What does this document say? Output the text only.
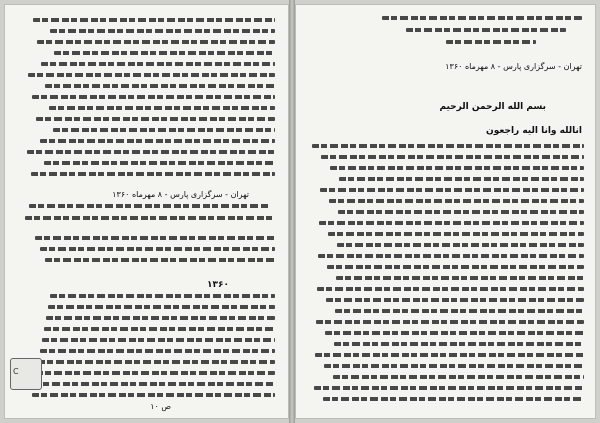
تهران - سرگزاری پارس - ۸ مهرماه ۱۳۶۰
۱۳۶۰
ص ۱۰
C
تهران - سرگزاری پارس - ۸ مهرماه ۱۳۶۰
بسم الله الرحمن الرحيم
انالله وانا اليه راجعون
